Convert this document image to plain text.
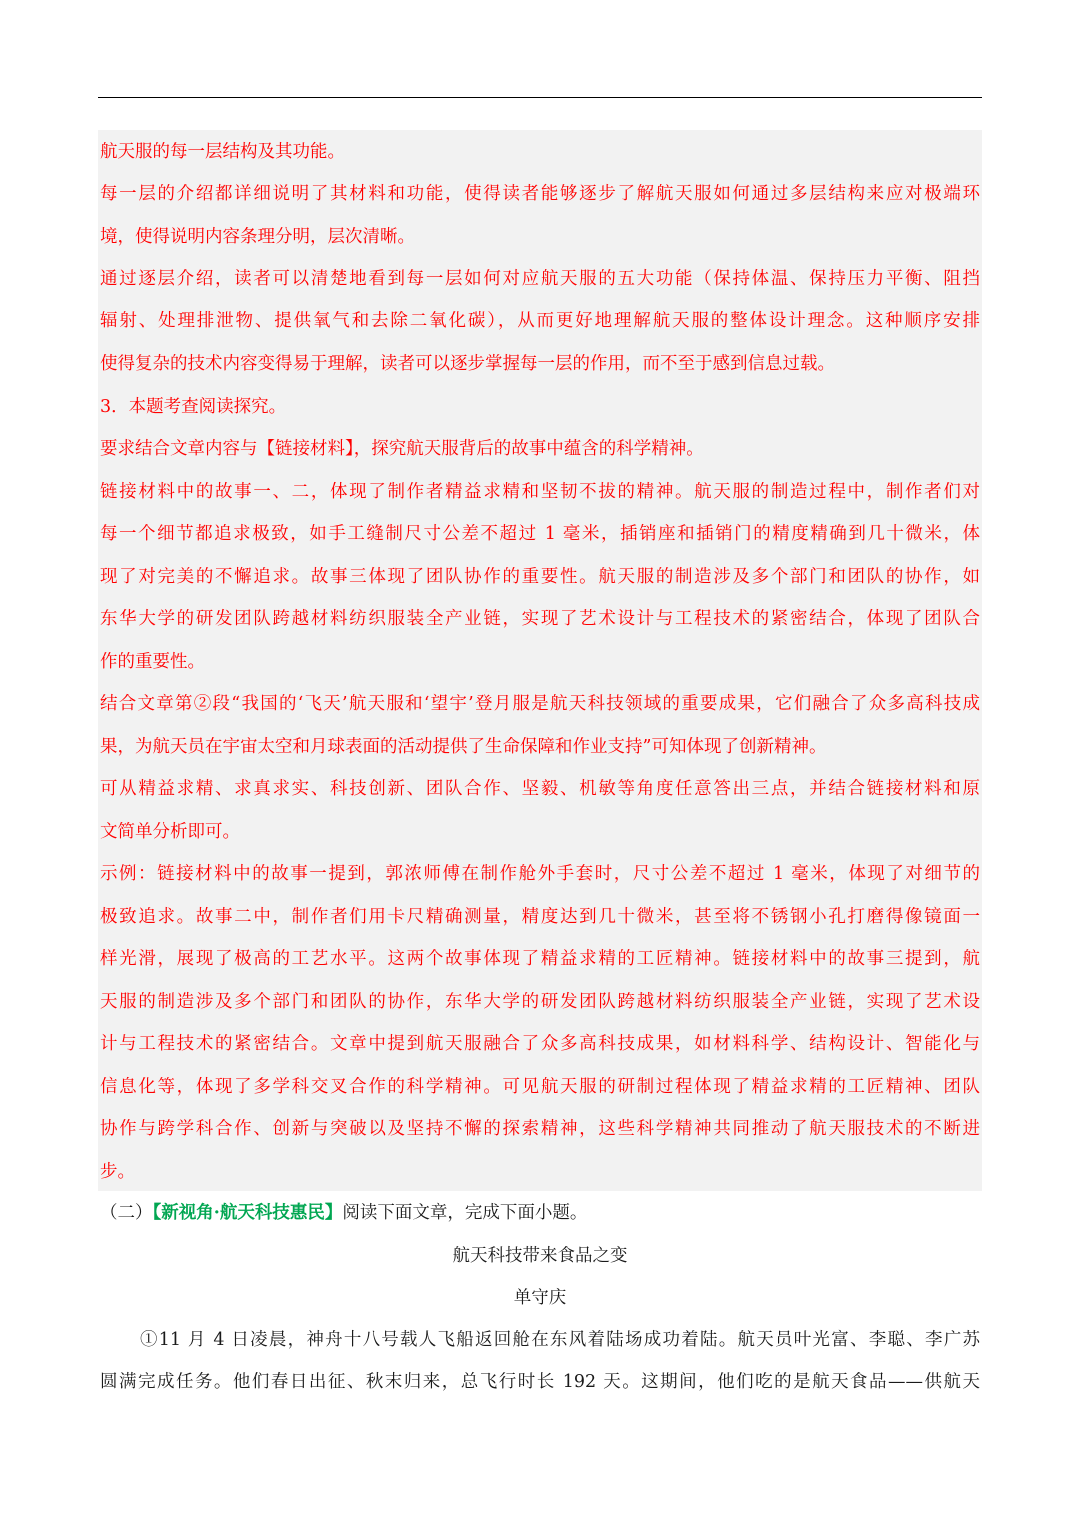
航天服的每一层结构及其功能。
每一层的介绍都详细说明了其材料和功能，使得读者能够逐步了解航天服如何通过多层结构来应对极端环
境，使得说明内容条理分明，层次清晰。
通过逐层介绍，读者可以清楚地看到每一层如何对应航天服的五大功能（保持体温、保持压力平衡、阻挡
辐射、处理排泄物、提供氧气和去除二氧化碳），从而更好地理解航天服的整体设计理念。这种顺序安排
使得复杂的技术内容变得易于理解，读者可以逐步掌握每一层的作用，而不至于感到信息过载。
3．本题考查阅读探究。
要求结合文章内容与【链接材料】，探究航天服背后的故事中蕴含的科学精神。
链接材料中的故事一、二，体现了制作者精益求精和坚韧不拔的精神。航天服的制造过程中，制作者们对
每一个细节都追求极致，如手工缝制尺寸公差不超过 1 毫米，插销座和插销门的精度精确到几十微米，体
现了对完美的不懈追求。故事三体现了团队协作的重要性。航天服的制造涉及多个部门和团队的协作，如
东华大学的研发团队跨越材料纺织服装全产业链，实现了艺术设计与工程技术的紧密结合，体现了团队合
作的重要性。
结合文章第②段“我国的‘飞天’航天服和‘望宇’登月服是航天科技领域的重要成果，它们融合了众多高科技成
果，为航天员在宇宙太空和月球表面的活动提供了生命保障和作业支持”可知体现了创新精神。
可从精益求精、求真求实、科技创新、团队合作、坚毅、机敏等角度任意答出三点，并结合链接材料和原
文简单分析即可。
示例：链接材料中的故事一提到，郭浓师傅在制作舱外手套时，尺寸公差不超过 1 毫米，体现了对细节的
极致追求。故事二中，制作者们用卡尺精确测量，精度达到几十微米，甚至将不锈钢小孔打磨得像镜面一
样光滑，展现了极高的工艺水平。这两个故事体现了精益求精的工匠精神。链接材料中的故事三提到，航
天服的制造涉及多个部门和团队的协作，东华大学的研发团队跨越材料纺织服装全产业链，实现了艺术设
计与工程技术的紧密结合。文章中提到航天服融合了众多高科技成果，如材料科学、结构设计、智能化与
信息化等，体现了多学科交叉合作的科学精神。可见航天服的研制过程体现了精益求精的工匠精神、团队
协作与跨学科合作、创新与突破以及坚持不懈的探索精神，这些科学精神共同推动了航天服技术的不断进
步。
（二）【新视角·航天科技惠民】阅读下面文章，完成下面小题。
航天科技带来食品之变
单守庆
①11 月 4 日凌晨，神舟十八号载人飞船返回舱在东风着陆场成功着陆。航天员叶光富、李聪、李广苏
圆满完成任务。他们春日出征、秋末归来，总飞行时长 192 天。这期间，他们吃的是航天食品——供航天
